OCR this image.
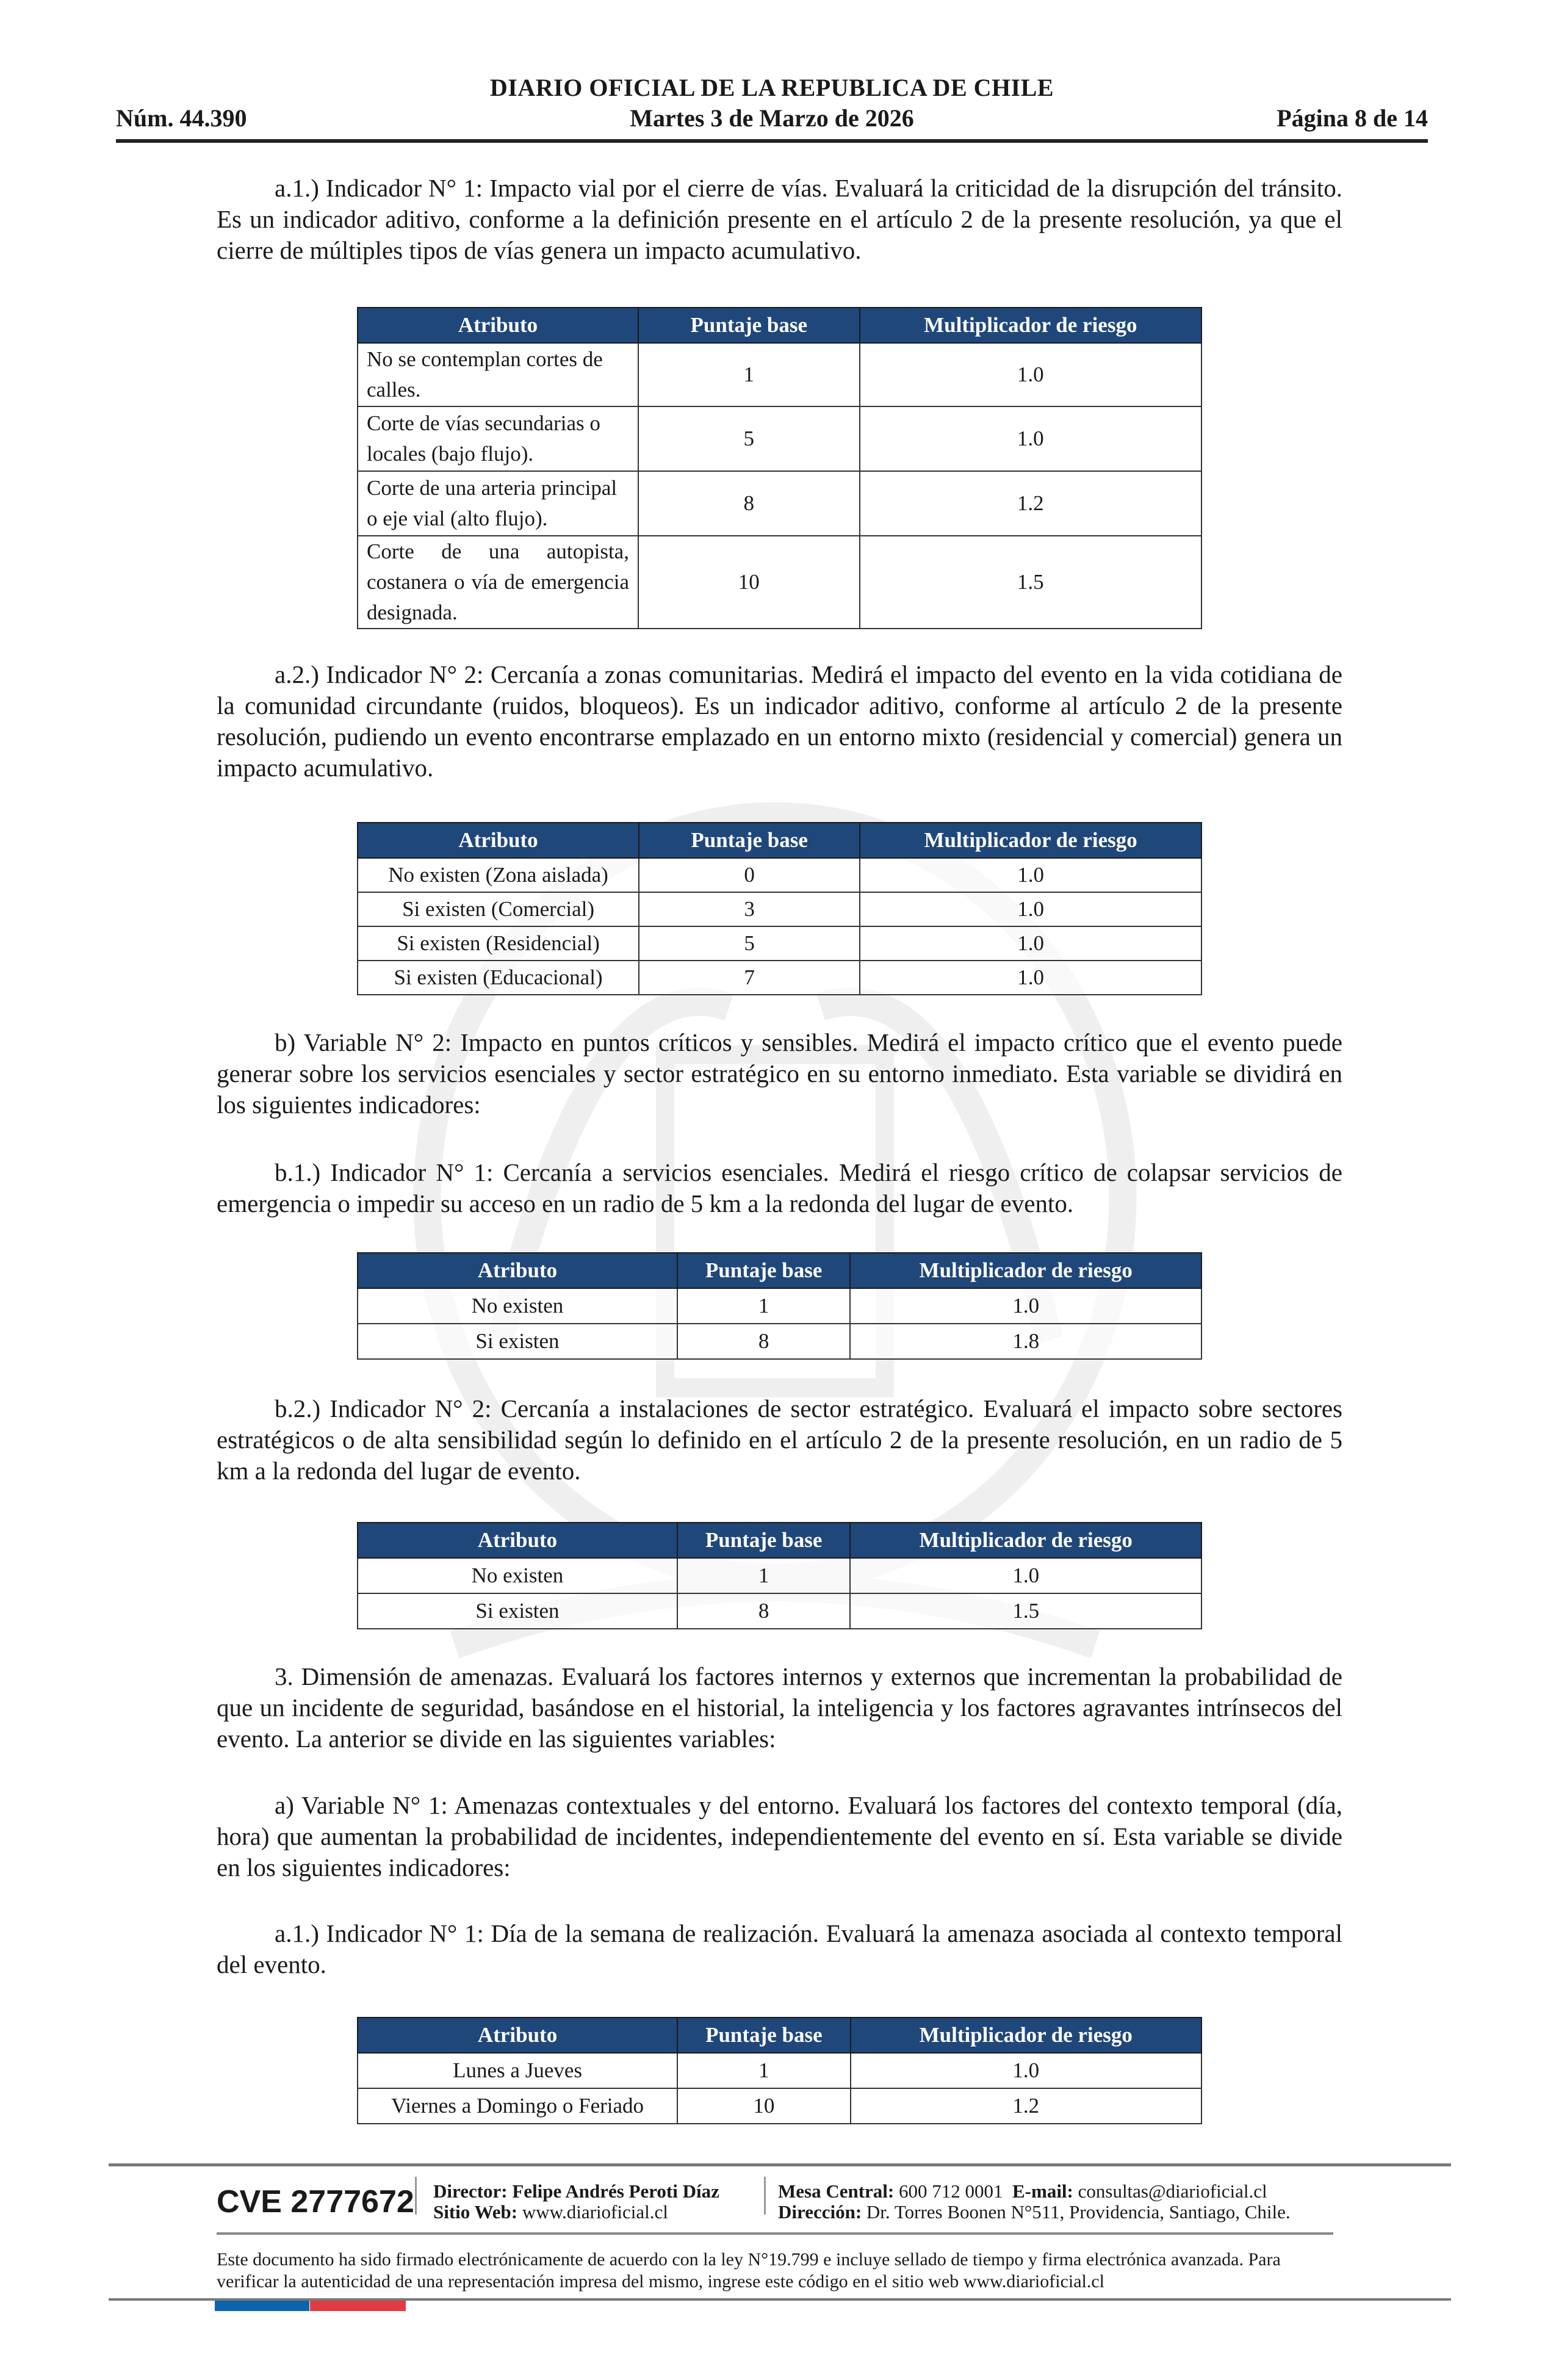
DIARIO OFICIAL DE LA REPUBLICA DE CHILE
Núm. 44.390	Martes 3 de Marzo de 2026	Página 8 de 14

a.1.) Indicador N° 1: Impacto vial por el cierre de vías. Evaluará la criticidad de la disrupción del tránsito. Es un indicador aditivo, conforme a la definición presente en el artículo 2 de la presente resolución, ya que el cierre de múltiples tipos de vías genera un impacto acumulativo.

Atributo	Puntaje base	Multiplicador de riesgo
No se contemplan cortes de calles.	1	1.0
Corte de vías secundarias o locales (bajo flujo).	5	1.0
Corte de una arteria principal o eje vial (alto flujo).	8	1.2
Corte de una autopista, costanera o vía de emergencia designada.	10	1.5

a.2.) Indicador N° 2: Cercanía a zonas comunitarias. Medirá el impacto del evento en la vida cotidiana de la comunidad circundante (ruidos, bloqueos). Es un indicador aditivo, conforme al artículo 2 de la presente resolución, pudiendo un evento encontrarse emplazado en un entorno mixto (residencial y comercial) genera un impacto acumulativo.

Atributo	Puntaje base	Multiplicador de riesgo
No existen (Zona aislada)	0	1.0
Si existen (Comercial)	3	1.0
Si existen (Residencial)	5	1.0
Si existen (Educacional)	7	1.0

b) Variable N° 2: Impacto en puntos críticos y sensibles. Medirá el impacto crítico que el evento puede generar sobre los servicios esenciales y sector estratégico en su entorno inmediato. Esta variable se dividirá en los siguientes indicadores:

b.1.) Indicador N° 1: Cercanía a servicios esenciales. Medirá el riesgo crítico de colapsar servicios de emergencia o impedir su acceso en un radio de 5 km a la redonda del lugar de evento.

Atributo	Puntaje base	Multiplicador de riesgo
No existen	1	1.0
Si existen	8	1.8

b.2.) Indicador N° 2: Cercanía a instalaciones de sector estratégico. Evaluará el impacto sobre sectores estratégicos o de alta sensibilidad según lo definido en el artículo 2 de la presente resolución, en un radio de 5 km a la redonda del lugar de evento.

Atributo	Puntaje base	Multiplicador de riesgo
No existen	1	1.0
Si existen	8	1.5

3. Dimensión de amenazas. Evaluará los factores internos y externos que incrementan la probabilidad de que un incidente de seguridad, basándose en el historial, la inteligencia y los factores agravantes intrínsecos del evento. La anterior se divide en las siguientes variables:

a) Variable N° 1: Amenazas contextuales y del entorno. Evaluará los factores del contexto temporal (día, hora) que aumentan la probabilidad de incidentes, independientemente del evento en sí. Esta variable se divide en los siguientes indicadores:

a.1.) Indicador N° 1: Día de la semana de realización. Evaluará la amenaza asociada al contexto temporal del evento.

Atributo	Puntaje base	Multiplicador de riesgo
Lunes a Jueves	1	1.0
Viernes a Domingo o Feriado	10	1.2
CVE 2777672 Director: Felipe Andrés Peroti Díaz
Sitio Web: www.diarioficial.cl
Mesa Central: 600 712 0001 E-mail: consultas@diarioficial.cl
Dirección: Dr. Torres Boonen N°511, Providencia, Santiago, Chile.
Este documento ha sido firmado electrónicamente de acuerdo con la ley N°19.799 e incluye sellado de tiempo y firma electrónica avanzada. Para verificar la autenticidad de una representación impresa del mismo, ingrese este código en el sitio web www.diarioficial.cl
